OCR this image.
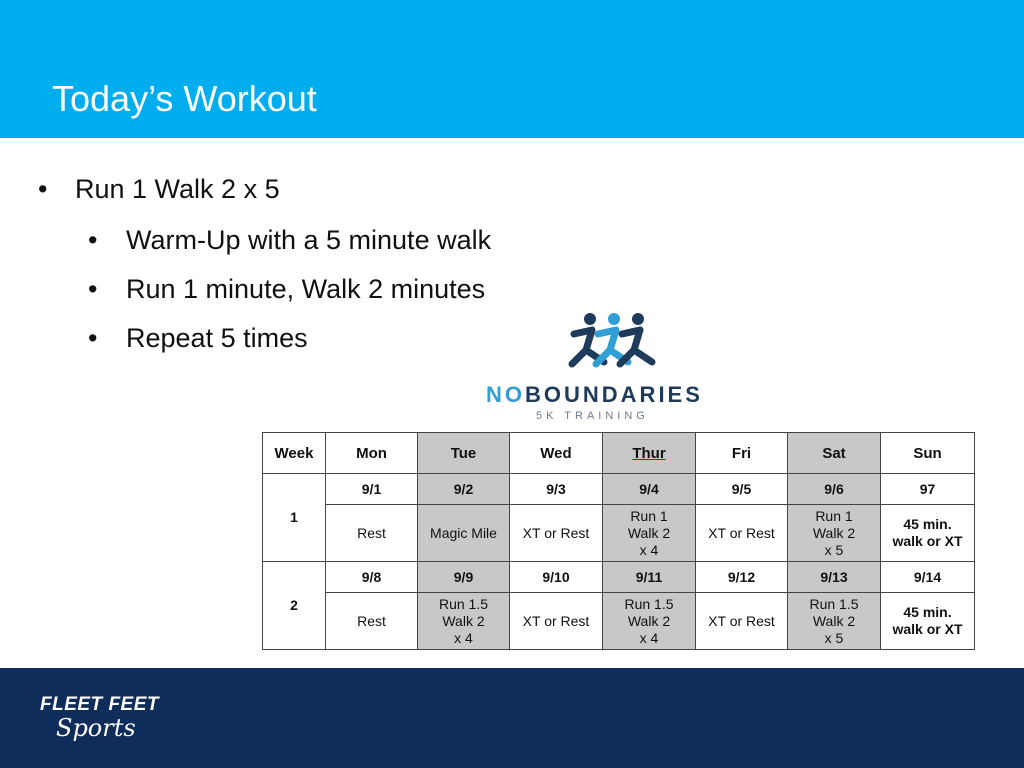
Today’s Workout
• Run 1 Walk 2 x 5
• Warm-Up with a 5 minute walk
• Run 1 minute, Walk 2 minutes
• Repeat 5 times
NOBOUNDARIES
5K TRAINING
Week	Mon	Tue	Wed	Thur	Fri	Sat	Sun
1	9/1	9/2	9/3	9/4	9/5	9/6	97
	Rest	Magic Mile	XT or Rest	Run 1
Walk 2
x 4	XT or Rest	Run 1
Walk 2
x 5	45 min.
walk or XT
2	9/8	9/9	9/10	9/11	9/12	9/13	9/14
	Rest	Run 1.5
Walk 2
x 4	XT or Rest	Run 1.5
Walk 2
x 4	XT or Rest	Run 1.5
Walk 2
x 5	45 min.
walk or XT
FLEET FEET
Sports
